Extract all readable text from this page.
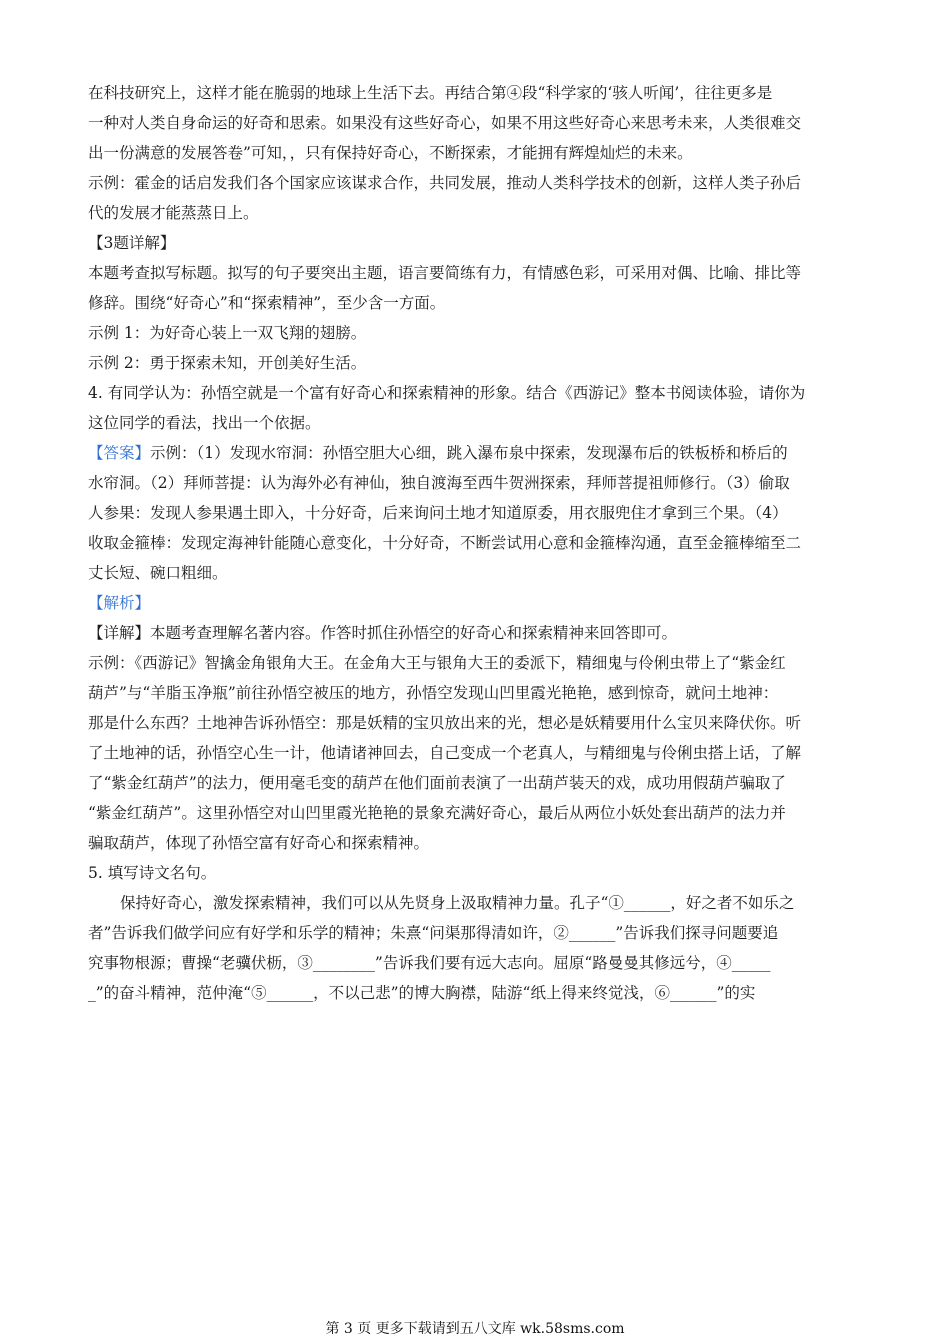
在科技研究上，这样才能在脆弱的地球上生活下去。再结合第④段“科学家的‘骇人听闻’，往往更多是

一种对人类自身命运的好奇和思索。如果没有这些好奇心，如果不用这些好奇心来思考未来，人类很难交

出一份满意的发展答卷”可知，，只有保持好奇心，不断探索，才能拥有辉煌灿烂的未来。

示例：霍金的话启发我们各个国家应该谋求合作，共同发展，推动人类科学技术的创新，这样人类子孙后

代的发展才能蒸蒸日上。

【3题详解】

本题考查拟写标题。拟写的句子要突出主题，语言要简练有力，有情感色彩，可采用对偶、比喻、排比等

修辞。围绕“好奇心”和“探索精神”，至少含一方面。

示例 1：为好奇心装上一双飞翔的翅膀。

示例 2：勇于探索未知，开创美好生活。

4. 有同学认为：孙悟空就是一个富有好奇心和探索精神的形象。结合《西游记》整本书阅读体验，请你为

这位同学的看法，找出一个依据。

【答案】示例：（1）发现水帘洞：孙悟空胆大心细，跳入瀑布泉中探索，发现瀑布后的铁板桥和桥后的

水帘洞。（2）拜师菩提：认为海外必有神仙，独自渡海至西牛贺洲探索，拜师菩提祖师修行。（3）偷取

人参果：发现人参果遇土即入，十分好奇，后来询问土地才知道原委，用衣服兜住才拿到三个果。（4）

收取金箍棒：发现定海神针能随心意变化，十分好奇，不断尝试用心意和金箍棒沟通，直至金箍棒缩至二

丈长短、碗口粗细。

【解析】

【详解】本题考查理解名著内容。作答时抓住孙悟空的好奇心和探索精神来回答即可。

示例：《西游记》智擒金角银角大王。在金角大王与银角大王的委派下，精细鬼与伶俐虫带上了“紫金红

葫芦”与“羊脂玉净瓶”前往孙悟空被压的地方，孙悟空发现山凹里霞光艳艳，感到惊奇，就问土地神：

那是什么东西？土地神告诉孙悟空：那是妖精的宝贝放出来的光，想必是妖精要用什么宝贝来降伏你。听

了土地神的话，孙悟空心生一计，他请诸神回去，自己变成一个老真人，与精细鬼与伶俐虫搭上话，了解

了“紫金红葫芦”的法力，便用毫毛变的葫芦在他们面前表演了一出葫芦装天的戏，成功用假葫芦骗取了

“紫金红葫芦”。这里孙悟空对山凹里霞光艳艳的景象充满好奇心，最后从两位小妖处套出葫芦的法力并

骗取葫芦，体现了孙悟空富有好奇心和探索精神。

5. 填写诗文名句。

保持好奇心，激发探索精神，我们可以从先贤身上汲取精神力量。孔子“①______，好之者不如乐之

者”告诉我们做学问应有好学和乐学的精神；朱熹“问渠那得清如许，②______”告诉我们探寻问题要追

究事物根源；曹操“老骥伏枥，③________”告诉我们要有远大志向。屈原“路曼曼其修远兮，④_____

_”的奋斗精神，范仲淹“⑤______，不以己悲”的博大胸襟，陆游“纸上得来终觉浅，⑥______”的实

第 3 页 更多下载请到五八文库 wk.58sms.com
